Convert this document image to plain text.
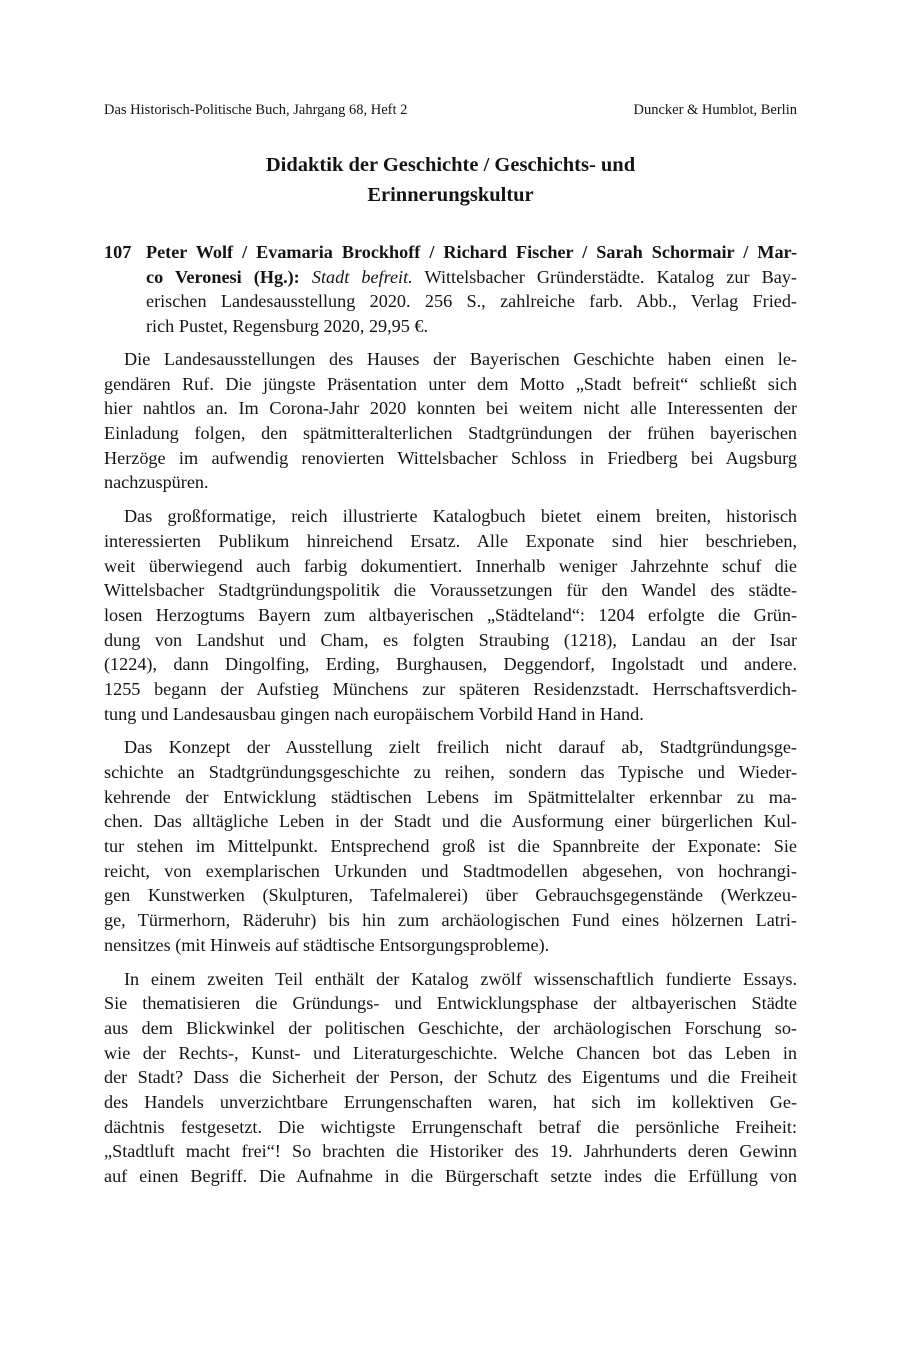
Das Historisch-Politische Buch, Jahrgang 68, Heft 2	Duncker & Humblot, Berlin
Didaktik der Geschichte / Geschichts- und
Erinnerungskultur
107 Peter Wolf / Evamaria Brockhoff / Richard Fischer / Sarah Schormair / Mar-
co Veronesi (Hg.): Stadt befreit. Wittelsbacher Gründerstädte. Katalog zur Bay-
erischen Landesausstellung 2020. 256 S., zahlreiche farb. Abb., Verlag Fried-
rich Pustet, Regensburg 2020, 29,95 €.
Die Landesausstellungen des Hauses der Bayerischen Geschichte haben einen le-
gendären Ruf. Die jüngste Präsentation unter dem Motto „Stadt befreit“ schließt sich
hier nahtlos an. Im Corona-Jahr 2020 konnten bei weitem nicht alle Interessenten der
Einladung folgen, den spätmitteralterlichen Stadtgründungen der frühen bayerischen
Herzöge im aufwendig renovierten Wittelsbacher Schloss in Friedberg bei Augsburg
nachzuspüren.
Das großformatige, reich illustrierte Katalogbuch bietet einem breiten, historisch
interessierten Publikum hinreichend Ersatz. Alle Exponate sind hier beschrieben,
weit überwiegend auch farbig dokumentiert. Innerhalb weniger Jahrzehnte schuf die
Wittelsbacher Stadtgründungspolitik die Voraussetzungen für den Wandel des städte-
losen Herzogtums Bayern zum altbayerischen „Städteland“: 1204 erfolgte die Grün-
dung von Landshut und Cham, es folgten Straubing (1218), Landau an der Isar
(1224), dann Dingolfing, Erding, Burghausen, Deggendorf, Ingolstadt und andere.
1255 begann der Aufstieg Münchens zur späteren Residenzstadt. Herrschaftsverdich-
tung und Landesausbau gingen nach europäischem Vorbild Hand in Hand.
Das Konzept der Ausstellung zielt freilich nicht darauf ab, Stadtgründungsge-
schichte an Stadtgründungsgeschichte zu reihen, sondern das Typische und Wieder-
kehrende der Entwicklung städtischen Lebens im Spätmittelalter erkennbar zu ma-
chen. Das alltägliche Leben in der Stadt und die Ausformung einer bürgerlichen Kul-
tur stehen im Mittelpunkt. Entsprechend groß ist die Spannbreite der Exponate: Sie
reicht, von exemplarischen Urkunden und Stadtmodellen abgesehen, von hochrangi-
gen Kunstwerken (Skulpturen, Tafelmalerei) über Gebrauchsgegenstände (Werkzeu-
ge, Türmerhorn, Räderuhr) bis hin zum archäologischen Fund eines hölzernen Latri-
nensitzes (mit Hinweis auf städtische Entsorgungsprobleme).
In einem zweiten Teil enthält der Katalog zwölf wissenschaftlich fundierte Essays.
Sie thematisieren die Gründungs- und Entwicklungsphase der altbayerischen Städte
aus dem Blickwinkel der politischen Geschichte, der archäologischen Forschung so-
wie der Rechts-, Kunst- und Literaturgeschichte. Welche Chancen bot das Leben in
der Stadt? Dass die Sicherheit der Person, der Schutz des Eigentums und die Freiheit
des Handels unverzichtbare Errungenschaften waren, hat sich im kollektiven Ge-
dächtnis festgesetzt. Die wichtigste Errungenschaft betraf die persönliche Freiheit:
„Stadtluft macht frei“! So brachten die Historiker des 19. Jahrhunderts deren Gewinn
auf einen Begriff. Die Aufnahme in die Bürgerschaft setzte indes die Erfüllung von
